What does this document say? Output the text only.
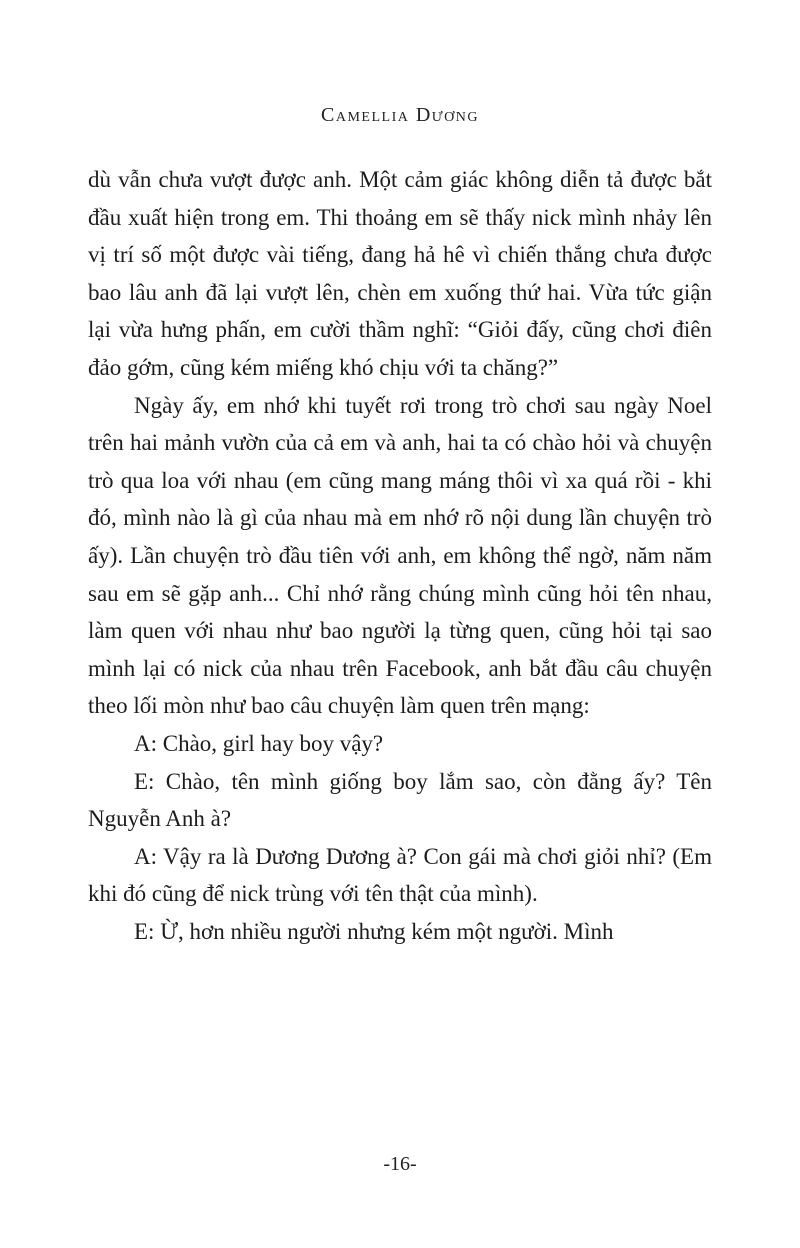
Camellia Dương

dù vẫn chưa vượt được anh. Một cảm giác không diễn tả được bắt đầu xuất hiện trong em. Thi thoảng em sẽ thấy nick mình nhảy lên vị trí số một được vài tiếng, đang hả hê vì chiến thắng chưa được bao lâu anh đã lại vượt lên, chèn em xuống thứ hai. Vừa tức giận lại vừa hưng phấn, em cười thầm nghĩ: “Giỏi đấy, cũng chơi điên đảo gớm, cũng kém miếng khó chịu với ta chăng?”

Ngày ấy, em nhớ khi tuyết rơi trong trò chơi sau ngày Noel trên hai mảnh vườn của cả em và anh, hai ta có chào hỏi và chuyện trò qua loa với nhau (em cũng mang máng thôi vì xa quá rồi - khi đó, mình nào là gì của nhau mà em nhớ rõ nội dung lần chuyện trò ấy). Lần chuyện trò đầu tiên với anh, em không thể ngờ, năm năm sau em sẽ gặp anh... Chỉ nhớ rằng chúng mình cũng hỏi tên nhau, làm quen với nhau như bao người lạ từng quen, cũng hỏi tại sao mình lại có nick của nhau trên Facebook, anh bắt đầu câu chuyện theo lối mòn như bao câu chuyện làm quen trên mạng:

A: Chào, girl hay boy vậy?

E: Chào, tên mình giống boy lắm sao, còn đằng ấy? Tên Nguyễn Anh à?

A: Vậy ra là Dương Dương à? Con gái mà chơi giỏi nhỉ? (Em khi đó cũng để nick trùng với tên thật của mình).

E: Ừ, hơn nhiều người nhưng kém một người. Mình

-16-
